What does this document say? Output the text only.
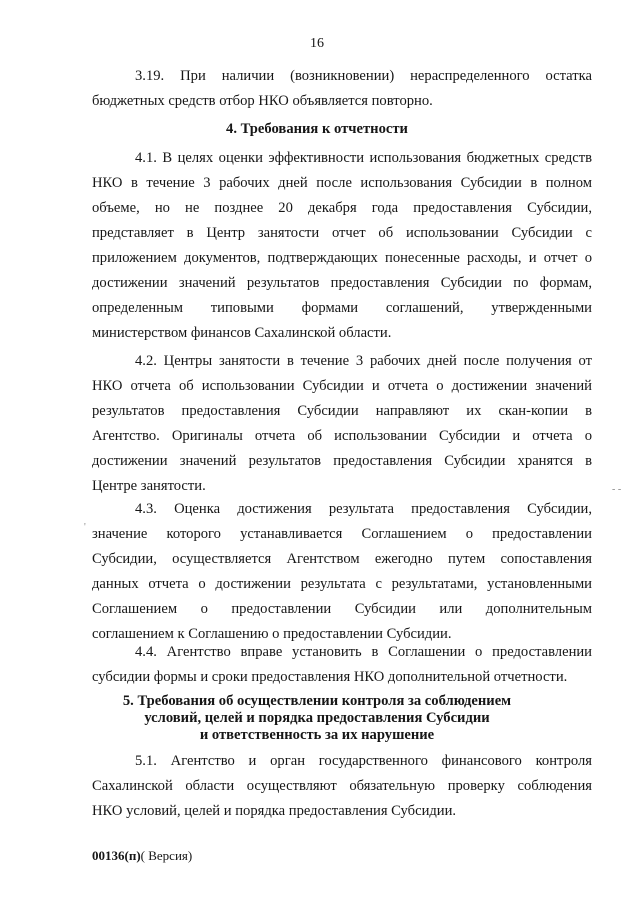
16
3.19. При наличии (возникновении) нераспределенного остатка
бюджетных средств отбор НКО объявляется повторно.
4. Требования к отчетности
4.1. В целях оценки эффективности использования бюджетных средств
НКО в течение 3 рабочих дней после использования Субсидии в полном
объеме, но не позднее 20 декабря года предоставления Субсидии,
представляет в Центр занятости отчет об использовании Субсидии с
приложением документов, подтверждающих понесенные расходы, и отчет о
достижении значений результатов предоставления Субсидии по формам,
определенным типовыми формами соглашений, утвержденными
министерством финансов Сахалинской области.
4.2. Центры занятости в течение 3 рабочих дней после получения от
НКО отчета об использовании Субсидии и отчета о достижении значений
результатов предоставления Субсидии направляют их скан-копии в
Агентство. Оригиналы отчета об использовании Субсидии и отчета о
достижении значений результатов предоставления Субсидии хранятся в
Центре занятости.
4.3. Оценка достижения результата предоставления Субсидии,
значение которого устанавливается Соглашением о предоставлении
Субсидии, осуществляется Агентством ежегодно путем сопоставления
данных отчета о достижении результата с результатами, установленными
Соглашением о предоставлении Субсидии или дополнительным
соглашением к Соглашению о предоставлении Субсидии.
4.4. Агентство вправе установить в Соглашении о предоставлении
субсидии формы и сроки предоставления НКО дополнительной отчетности.
5. Требования об осуществлении контроля за соблюдением
условий, целей и порядка предоставления Субсидии
и ответственность за их нарушение
5.1. Агентство и орган государственного финансового контроля
Сахалинской области осуществляют обязательную проверку соблюдения
НКО условий, целей и порядка предоставления Субсидии.
00136(п)( Версия)
- -
'
